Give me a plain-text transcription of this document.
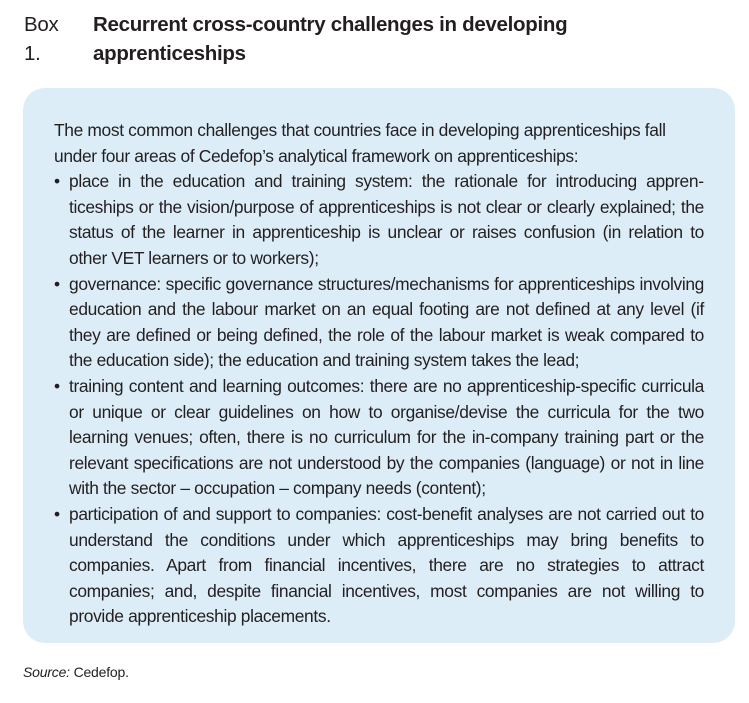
Box 1.
Recurrent cross-country challenges in developing apprenticeships

The most common challenges that countries face in developing apprenticeships fall under four areas of Cedefop’s analytical framework on apprenticeships:

• place in the education and training system: the rationale for introducing apprenticeships or the vision/purpose of apprenticeships is not clear or clearly explained; the status of the learner in apprenticeship is unclear or raises confusion (in relation to other VET learners or to workers);
• governance: specific governance structures/mechanisms for apprenticeships involving education and the labour market on an equal footing are not defined at any level (if they are defined or being defined, the role of the labour market is weak compared to the education side); the education and training system takes the lead;
• training content and learning outcomes: there are no apprenticeship-specific curricula or unique or clear guidelines on how to organise/devise the curricula for the two learning venues; often, there is no curriculum for the in-company training part or the relevant specifications are not understood by the companies (language) or not in line with the sector – occupation – company needs (content);
• participation of and support to companies: cost-benefit analyses are not carried out to understand the conditions under which apprenticeships may bring benefits to companies. Apart from financial incentives, there are no strategies to attract companies; and, despite financial incentives, most companies are not willing to provide apprenticeship placements.
Source: Cedefop.
